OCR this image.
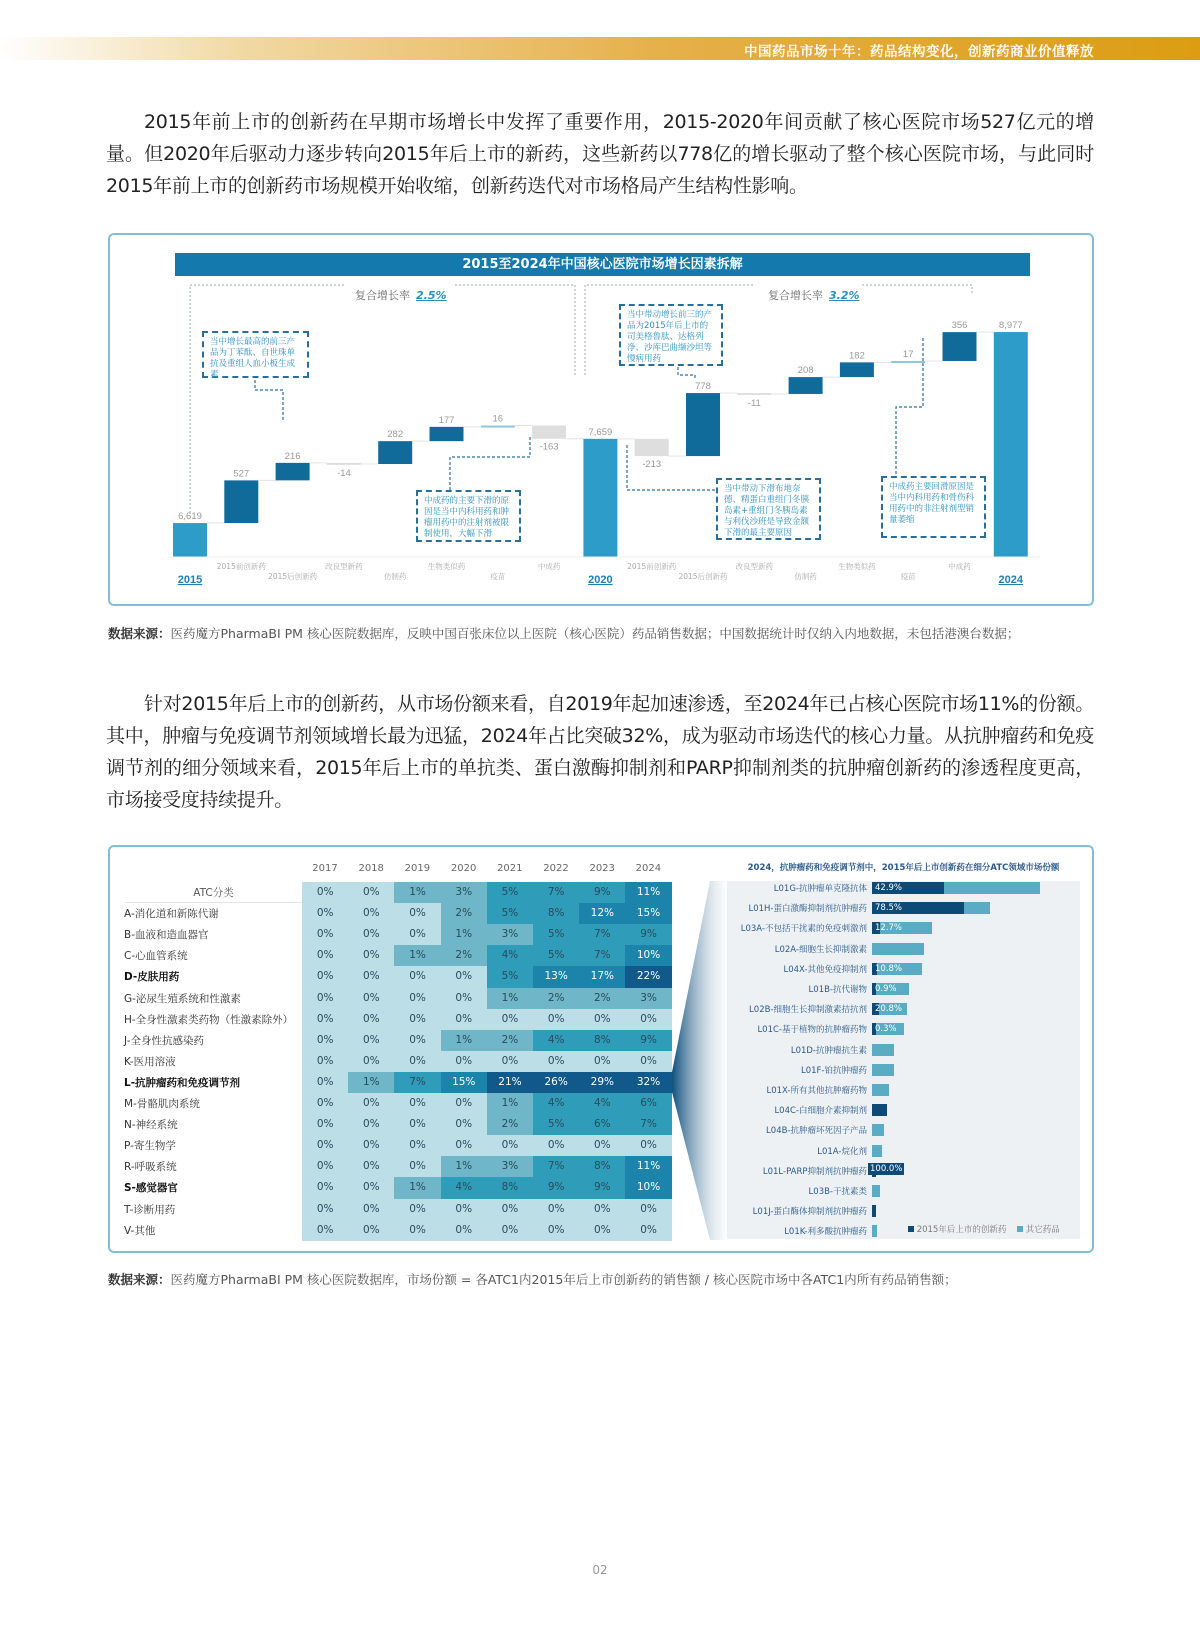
中国药品市场十年：药品结构变化，创新药商业价值释放
2015年前上市的创新药在早期市场增长中发挥了重要作用，2015-2020年间贡献了核心医院市场527亿元的增量。但2020年后驱动力逐步转向2015年后上市的新药，这些新药以778亿的增长驱动了整个核心医院市场，与此同时2015年前上市的创新药市场规模开始收缩，创新药迭代对市场格局产生结构性影响。
2015至2024年中国核心医院市场增长因素拆解
复合增长率 2.5%	复合增长率 3.2%
6,619
2015
527
2015前创新药
216
2015后创新药
-14
改良型新药
282
仿制药
177
生物类似药
16
疫苗
-163
中成药
7,659
2020
-213
2015前创新药
778
2015后创新药
-11
改良型新药
208
仿制药
182
生物类似药
17
疫苗
356
中成药
8,977
2024
当中增长最高的前三产品为丁苯酞、自世珠单抗及重组人血小板生成素
中成药的主要下滑的原因是当中内科用药和肿瘤用药中的注射剂被限制使用，大幅下滑
当中带动增长前三的产品为2015年后上市的司美格鲁肽、达格列净、沙库巴曲缬沙坦等慢病用药
当中带动下滑布地奈德、精蛋白重组门冬胰岛素+重组门冬胰岛素与利伐沙班是导致金额下滑的最主要原因
中成药主要回滑原因是当中内科用药和骨伤科用药中的非注射剂型销量萎缩
数据来源：医药魔方PharmaBI PM 核心医院数据库，反映中国百张床位以上医院（核心医院）药品销售数据；中国数据统计时仅纳入内地数据，未包括港澳台数据；
针对2015年后上市的创新药，从市场份额来看，自2019年起加速渗透，至2024年已占核心医院市场11%的份额。其中，肿瘤与免疫调节剂领域增长最为迅猛，2024年占比突破32%，成为驱动市场迭代的核心力量。从抗肿瘤药和免疫调节剂的细分领域来看，2015年后上市的单抗类、蛋白激酶抑制剂和PARP抑制剂类的抗肿瘤创新药的渗透程度更高，市场接受度持续提升。
2024，抗肿瘤药和免疫调节剂中，2015年后上市创新药在细分ATC领域市场份额
2017	2018	2019	2020	2021	2022	2023	2024
ATC分类	0%	0%	1%	3%	5%	7%	9%	11%
A-消化道和新陈代谢	0%	0%	0%	2%	5%	8%	12%	15%
B-血液和造血器官	0%	0%	0%	1%	3%	5%	7%	9%
C-心血管系统	0%	0%	1%	2%	4%	5%	7%	10%
D-皮肤用药	0%	0%	0%	0%	5%	13%	17%	22%
G-泌尿生殖系统和性激素	0%	0%	0%	0%	1%	2%	2%	3%
H-全身性激素类药物（性激素除外）	0%	0%	0%	0%	0%	0%	0%	0%
J-全身性抗感染药	0%	0%	0%	1%	2%	4%	8%	9%
K-医用溶液	0%	0%	0%	0%	0%	0%	0%	0%
L-抗肿瘤药和免疫调节剂	0%	1%	7%	15%	21%	26%	29%	32%
M-骨骼肌肉系统	0%	0%	0%	0%	1%	4%	4%	6%
N-神经系统	0%	0%	0%	0%	2%	5%	6%	7%
P-寄生物学	0%	0%	0%	0%	0%	0%	0%	0%
R-呼吸系统	0%	0%	0%	1%	3%	7%	8%	11%
S-感觉器官	0%	0%	1%	4%	8%	9%	9%	10%
T-诊断用药	0%	0%	0%	0%	0%	0%	0%	0%
V-其他	0%	0%	0%	0%	0%	0%	0%	0%
L01G-抗肿瘤单克隆抗体 42.9%
L01H-蛋白激酶抑制剂抗肿瘤药 78.5%
L03A-不包括干扰素的免疫刺激剂 12.7%
L02A-细胞生长抑制激素
L04X-其他免疫抑制剂 10.8%
L01B-抗代谢物 0.9%
L02B-细胞生长抑制激素拮抗剂 20.8%
L01C-基于植物的抗肿瘤药物 0.3%
L01D-抗肿瘤抗生素
L01F-铂抗肿瘤药
L01X-所有其他抗肿瘤药物
L04C-白细胞介素抑制剂
L04B-抗肿瘤坏死因子产品
L01A-烷化剂
L01L-PARP抑制剂抗肿瘤药 100.0%
L03B-干扰素类
L01J-蛋白酶体抑制剂抗肿瘤药
L01K-利多酸抗肿瘤药	2015年后上市的创新药 其它药品
数据来源：医药魔方PharmaBI PM 核心医院数据库，市场份额 = 各ATC1内2015年后上市创新药的销售额 / 核心医院市场中各ATC1内所有药品销售额；
02
